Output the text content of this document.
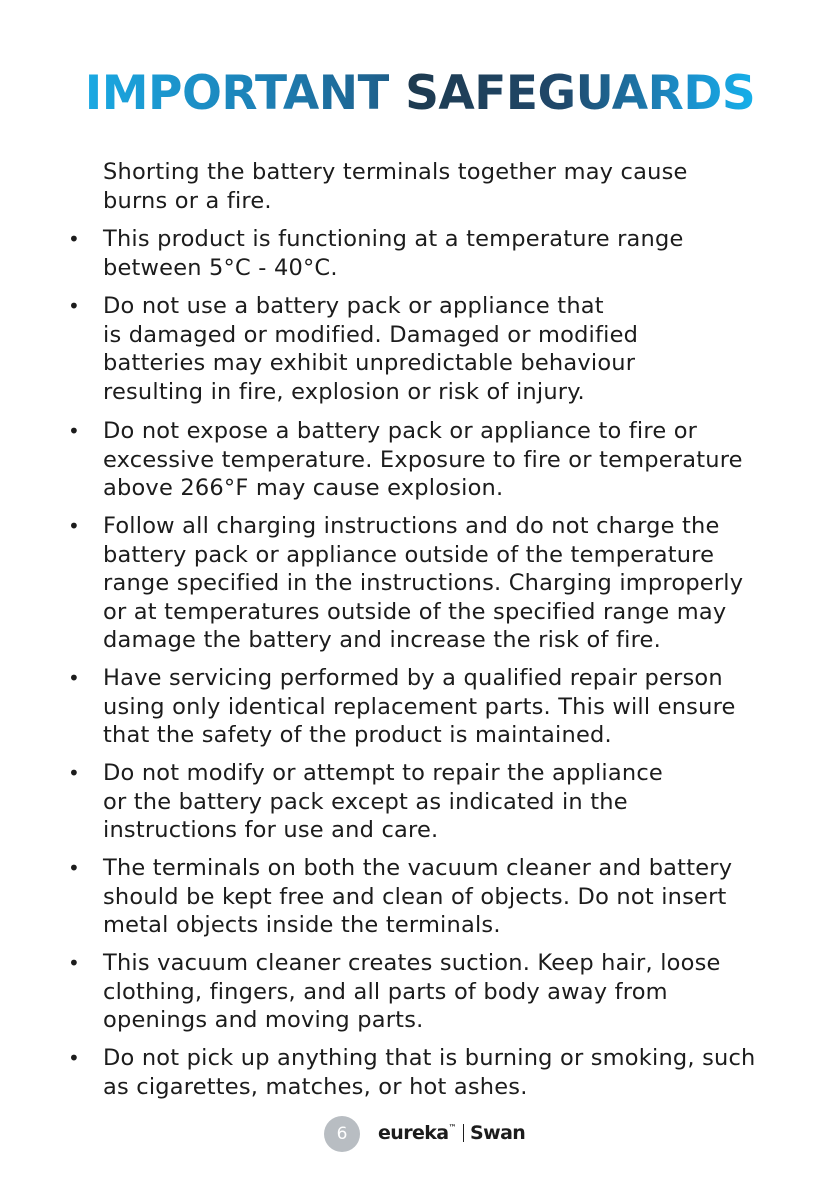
IMPORTANT SAFEGUARDS
Shorting the battery terminals together may cause
burns or a fire.
• This product is functioning at a temperature range
between 5°C - 40°C.
• Do not use a battery pack or appliance that
is damaged or modified. Damaged or modified
batteries may exhibit unpredictable behaviour
resulting in fire, explosion or risk of injury.
• Do not expose a battery pack or appliance to fire or
excessive temperature. Exposure to fire or temperature
above 266°F may cause explosion.
• Follow all charging instructions and do not charge the
battery pack or appliance outside of the temperature
range specified in the instructions. Charging improperly
or at temperatures outside of the specified range may
damage the battery and increase the risk of fire.
• Have servicing performed by a qualified repair person
using only identical replacement parts. This will ensure
that the safety of the product is maintained.
• Do not modify or attempt to repair the appliance
or the battery pack except as indicated in the
instructions for use and care.
• The terminals on both the vacuum cleaner and battery
should be kept free and clean of objects. Do not insert
metal objects inside the terminals.
• This vacuum cleaner creates suction. Keep hair, loose
clothing, fingers, and all parts of body away from
openings and moving parts.
• Do not pick up anything that is burning or smoking, such
as cigarettes, matches, or hot ashes.
6	eureka™ Swan
